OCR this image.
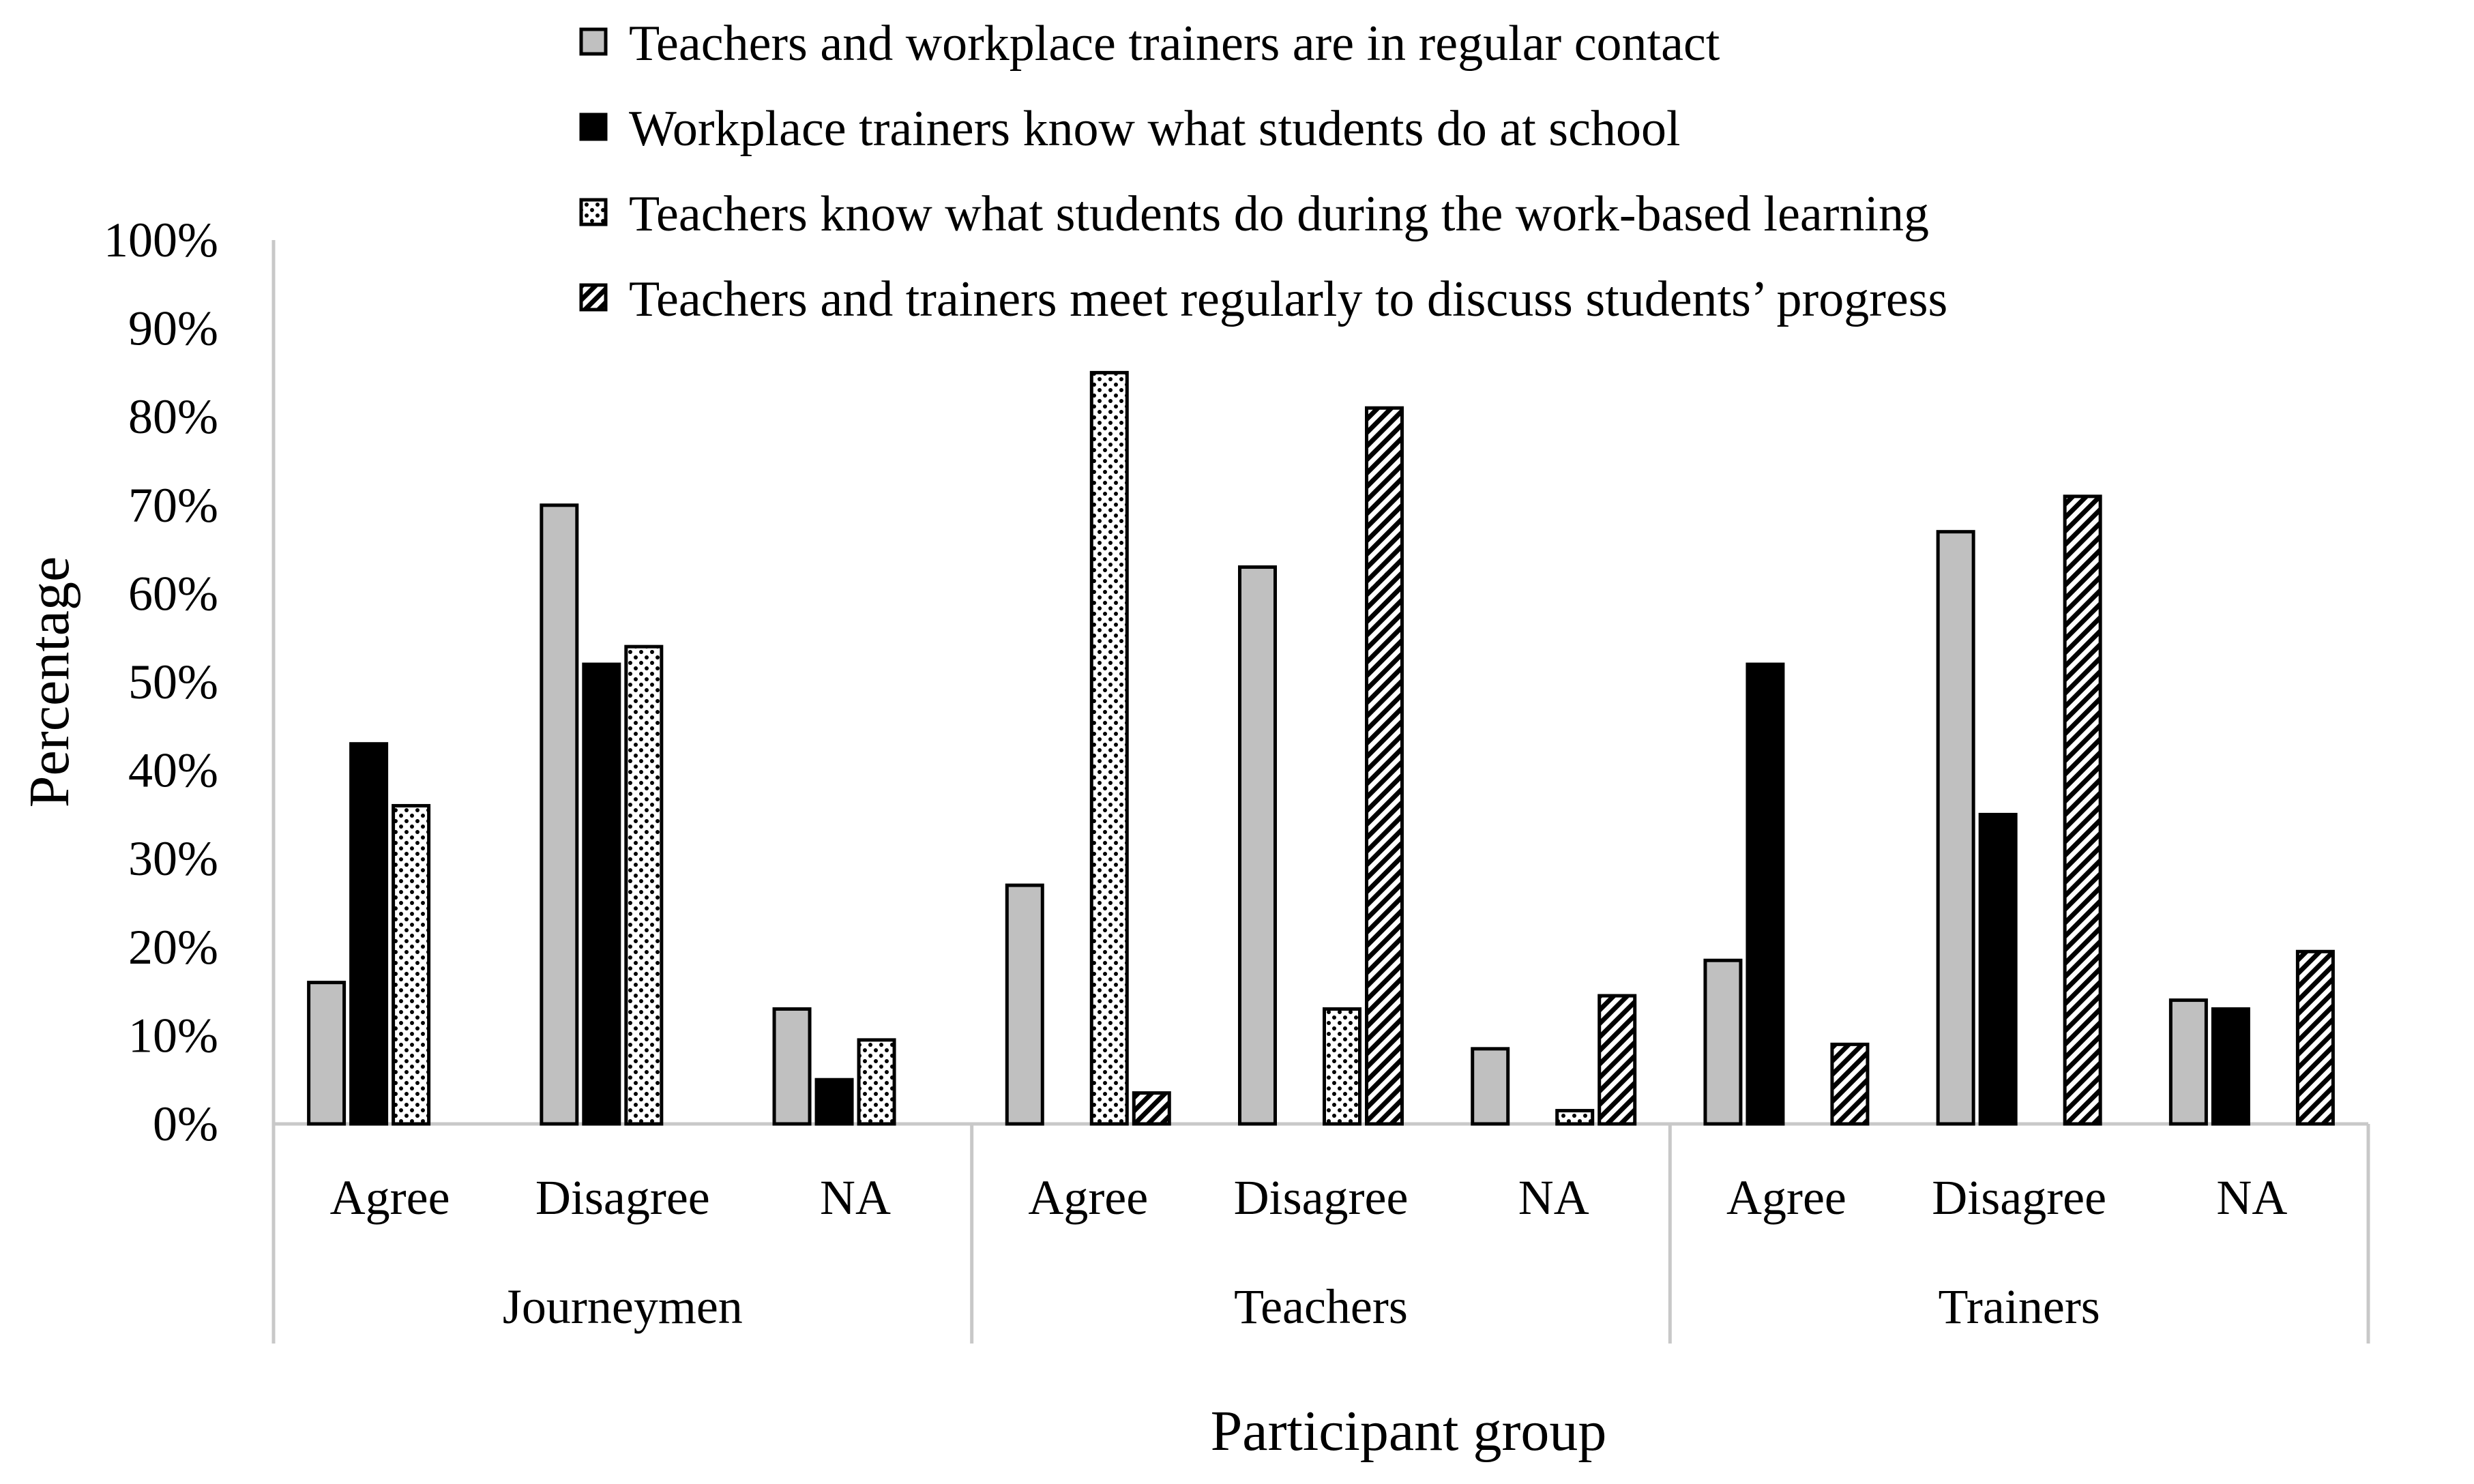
Teachers and workplace trainers are in regular contact
Workplace trainers know what students do at school
Teachers know what students do during the work-based learning
Teachers and trainers meet regularly to discuss students’ progress
Percentage
Participant group
0%
10%
20%
30%
40%
50%
60%
70%
80%
90%
100%
Agree Disagree NA
Journeymen
Agree Disagree NA
Teachers
Agree Disagree NA
Trainers
